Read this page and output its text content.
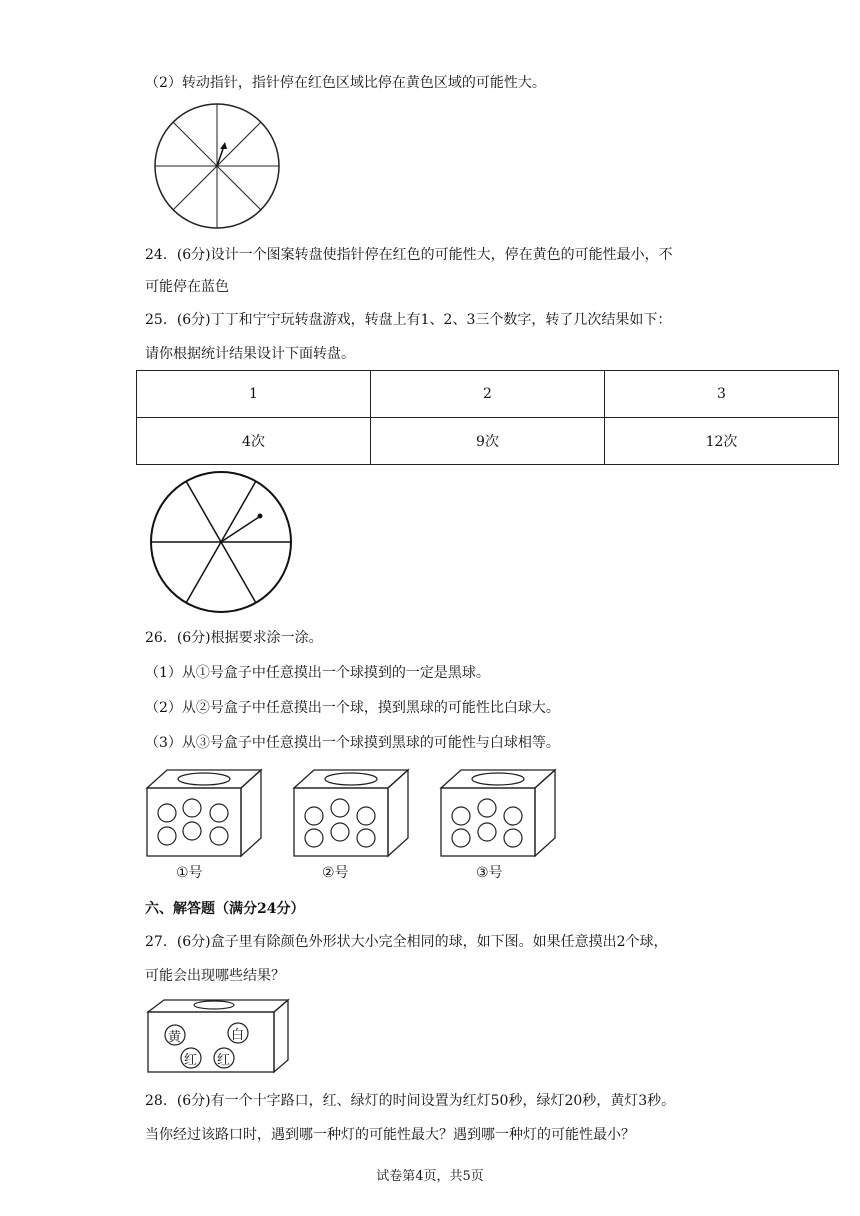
（2）转动指针，指针停在红色区域比停在黄色区域的可能性大。
24．(6分)设计一个图案转盘使指针停在红色的可能性大，停在黄色的可能性最小，不
可能停在蓝色
25．(6分)丁丁和宁宁玩转盘游戏，转盘上有1、2、3三个数字，转了几次结果如下：
请你根据统计结果设计下面转盘。
1	2	3
4次	9次	12次
26．(6分)根据要求涂一涂。
（1）从①号盒子中任意摸出一个球摸到的一定是黑球。
（2）从②号盒子中任意摸出一个球，摸到黑球的可能性比白球大。
（3）从③号盒子中任意摸出一个球摸到黑球的可能性与白球相等。
①号	②号	③号
六、解答题（满分24分）
27．(6分)盒子里有除颜色外形状大小完全相同的球，如下图。如果任意摸出2个球，
可能会出现哪些结果？
黄	白
红 红
28．(6分)有一个十字路口，红、绿灯的时间设置为红灯50秒，绿灯20秒，黄灯3秒。
当你经过该路口时，遇到哪一种灯的可能性最大？遇到哪一种灯的可能性最小？
试卷第4页，共5页
